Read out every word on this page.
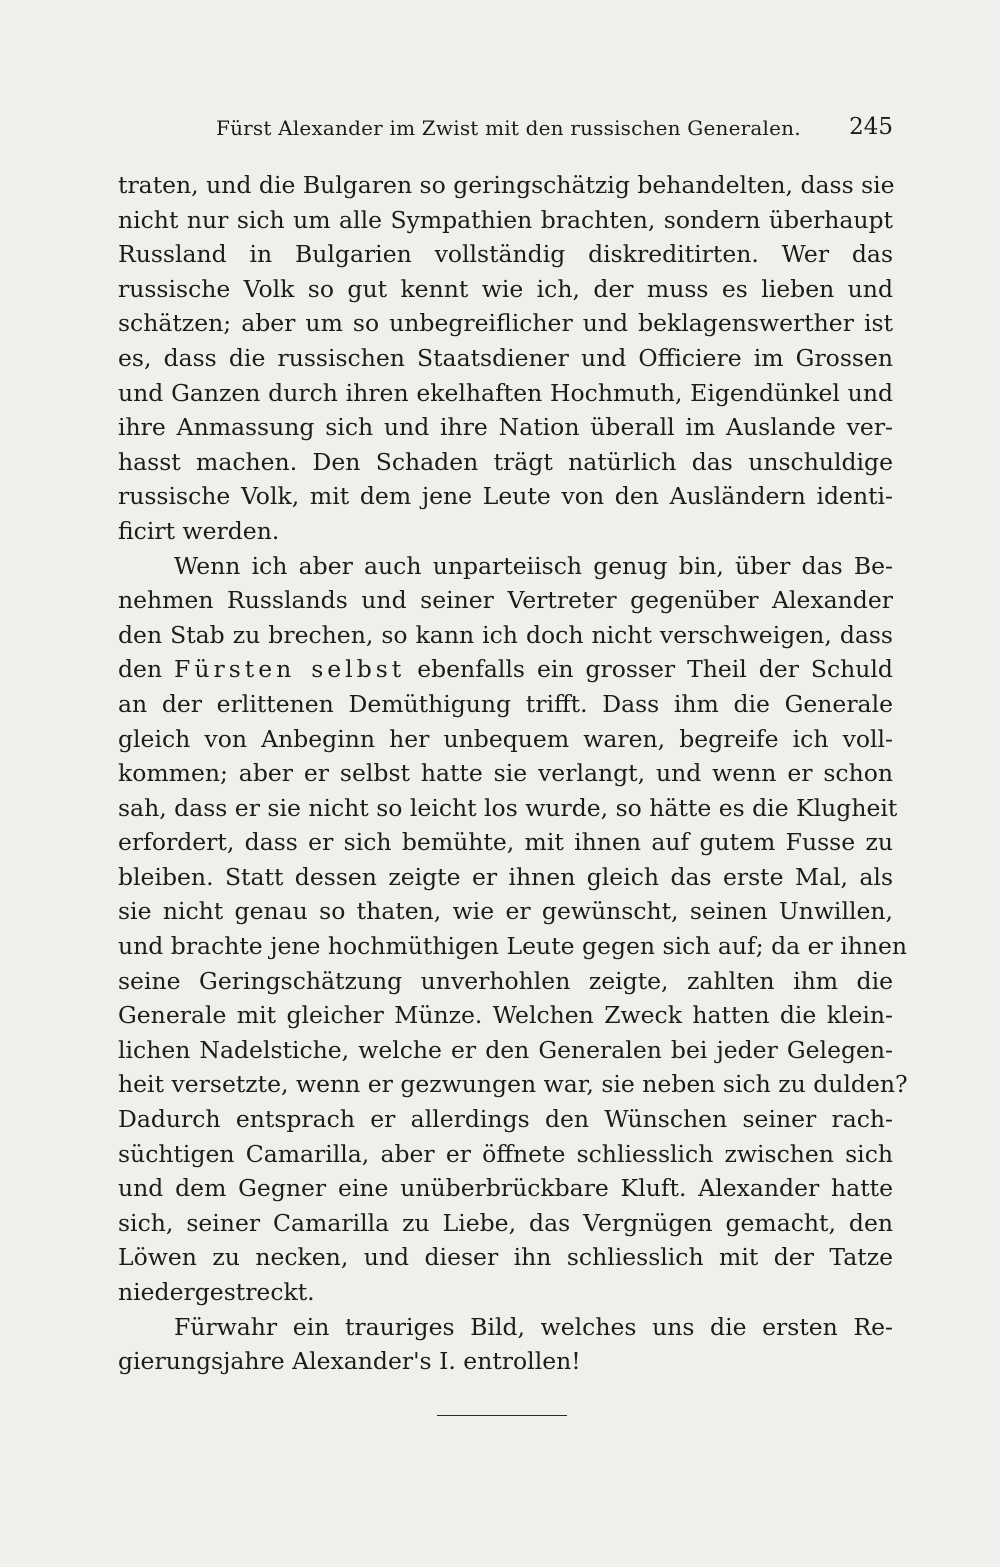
Fürst Alexander im Zwist mit den russischen Generalen. 245
traten, und die Bulgaren so geringschätzig behandelten, dass sie
nicht nur sich um alle Sympathien brachten, sondern überhaupt
Russland in Bulgarien vollständig diskreditirten. Wer das
russische Volk so gut kennt wie ich, der muss es lieben und
schätzen; aber um so unbegreiflicher und beklagenswerther ist
es, dass die russischen Staatsdiener und Officiere im Grossen
und Ganzen durch ihren ekelhaften Hochmuth, Eigendünkel und
ihre Anmassung sich und ihre Nation überall im Auslande ver-
hasst machen. Den Schaden trägt natürlich das unschuldige
russische Volk, mit dem jene Leute von den Ausländern identi-
ficirt werden.
Wenn ich aber auch unparteiisch genug bin, über das Be-
nehmen Russlands und seiner Vertreter gegenüber Alexander
den Stab zu brechen, so kann ich doch nicht verschweigen, dass
den Fürsten selbst ebenfalls ein grosser Theil der Schuld
an der erlittenen Demüthigung trifft. Dass ihm die Generale
gleich von Anbeginn her unbequem waren, begreife ich voll-
kommen; aber er selbst hatte sie verlangt, und wenn er schon
sah, dass er sie nicht so leicht los wurde, so hätte es die Klugheit
erfordert, dass er sich bemühte, mit ihnen auf gutem Fusse zu
bleiben. Statt dessen zeigte er ihnen gleich das erste Mal, als
sie nicht genau so thaten, wie er gewünscht, seinen Unwillen,
und brachte jene hochmüthigen Leute gegen sich auf; da er ihnen
seine Geringschätzung unverhohlen zeigte, zahlten ihm die
Generale mit gleicher Münze. Welchen Zweck hatten die klein-
lichen Nadelstiche, welche er den Generalen bei jeder Gelegen-
heit versetzte, wenn er gezwungen war, sie neben sich zu dulden?
Dadurch entsprach er allerdings den Wünschen seiner rach-
süchtigen Camarilla, aber er öffnete schliesslich zwischen sich
und dem Gegner eine unüberbrückbare Kluft. Alexander hatte
sich, seiner Camarilla zu Liebe, das Vergnügen gemacht, den
Löwen zu necken, und dieser ihn schliesslich mit der Tatze
niedergestreckt.
Fürwahr ein trauriges Bild, welches uns die ersten Re-
gierungsjahre Alexander's I. entrollen!
